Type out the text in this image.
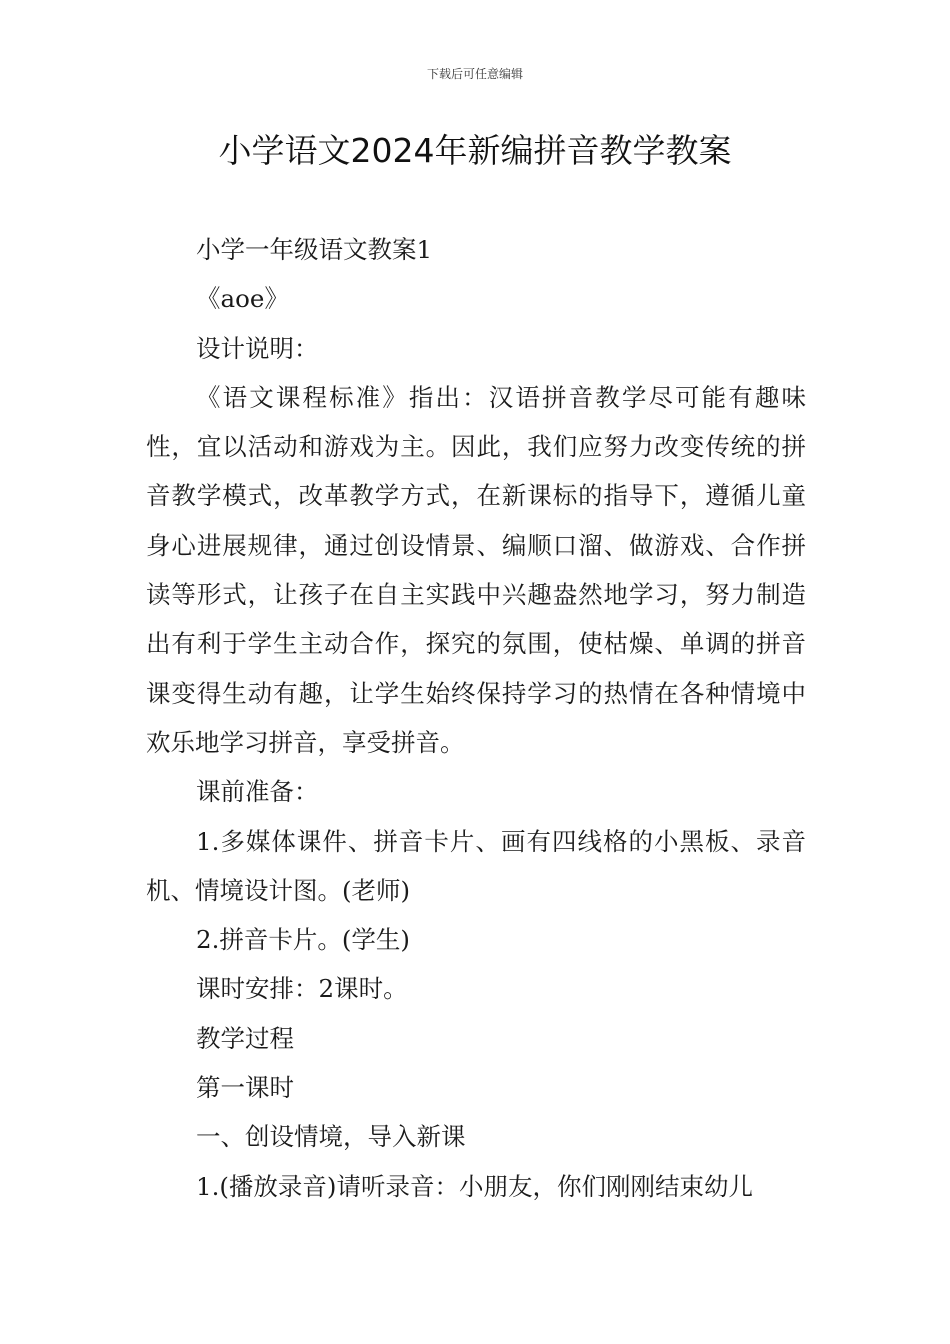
下载后可任意编辑
小学语文2024年新编拼音教学教案

小学一年级语文教案1

《aoe》

设计说明：

《语文课程标准》指出：汉语拼音教学尽可能有趣味性，宜以活动和游戏为主。因此，我们应努力改变传统的拼音教学模式，改革教学方式，在新课标的指导下，遵循儿童身心进展规律，通过创设情景、编顺口溜、做游戏、合作拼读等形式，让孩子在自主实践中兴趣盎然地学习，努力制造出有利于学生主动合作，探究的氛围，使枯燥、单调的拼音课变得生动有趣，让学生始终保持学习的热情在各种情境中欢乐地学习拼音，享受拼音。

课前准备：

1.多媒体课件、拼音卡片、画有四线格的小黑板、录音机、情境设计图。(老师)

2.拼音卡片。(学生)

课时安排：2课时。

教学过程

第一课时

一、创设情境，导入新课

1.(播放录音)请听录音：小朋友，你们刚刚结束幼儿
